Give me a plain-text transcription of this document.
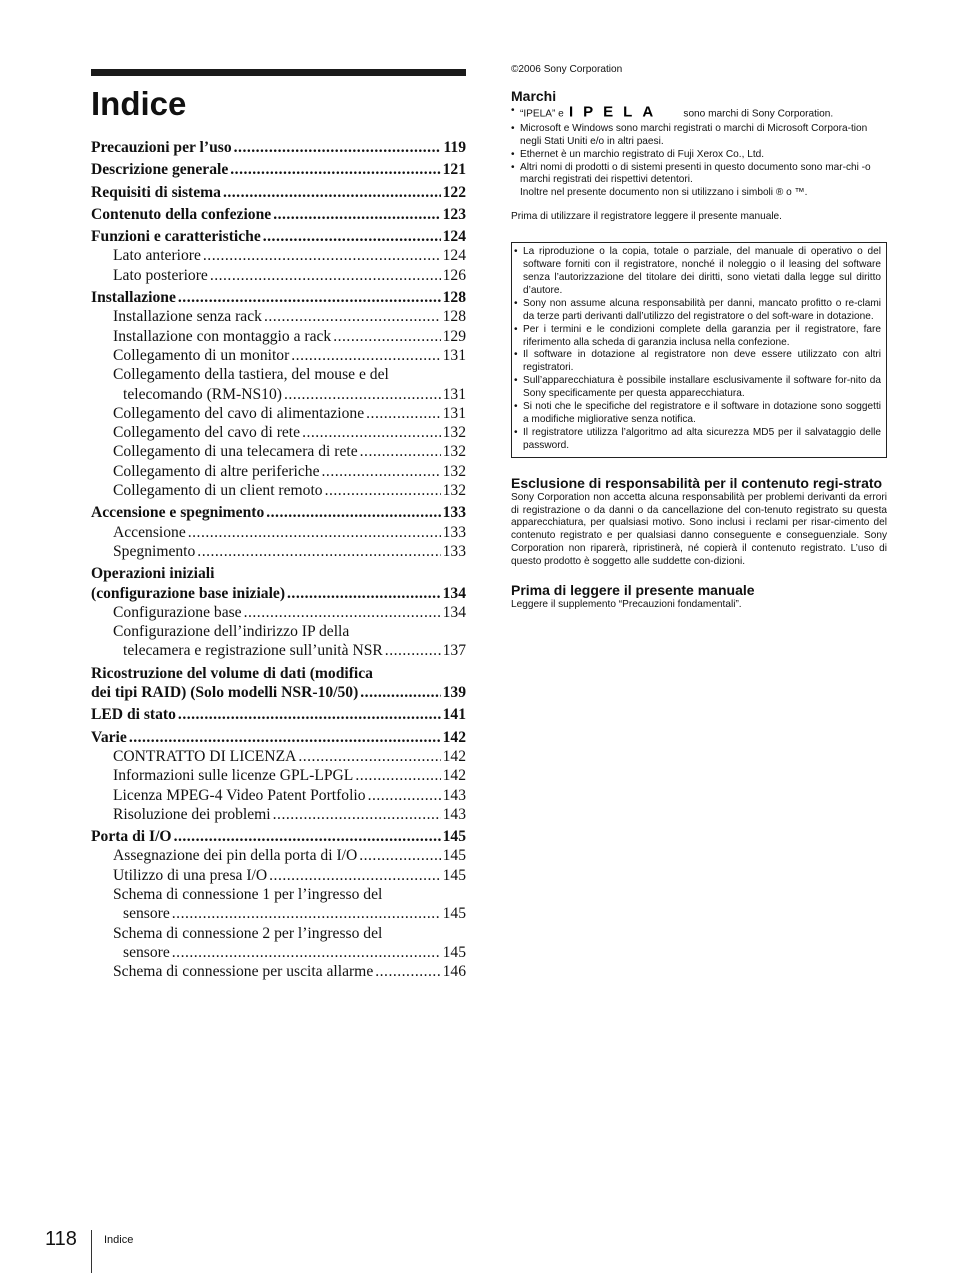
Indice
Precauzioni per l’uso .....	119
Descrizione generale .....	121
Requisiti di sistema .....	122
Contenuto della confezione .....	123
Funzioni e caratteristiche .....	124
Lato anteriore .....	124
Lato posteriore .....	126
Installazione .....	128
Installazione senza rack .....	128
Installazione con montaggio a rack .....	129
Collegamento di un monitor .....	131
Collegamento della tastiera, del mouse e del
telecomando (RM-NS10) .....	131
Collegamento del cavo di alimentazione .....	131
Collegamento del cavo di rete .....	132
Collegamento di una telecamera di rete .....	132
Collegamento di altre periferiche .....	132
Collegamento di un client remoto .....	132
Accensione e spegnimento .....	133
Accensione .....	133
Spegnimento .....	133
Operazioni iniziali
(configurazione base iniziale) .....	134
Configurazione base .....	134
Configurazione dell’indirizzo IP della
telecamera e registrazione sull’unità NSR .....	137
Ricostruzione del volume di dati (modifica
dei tipi RAID) (Solo modelli NSR-10/50) .....	139
LED di stato .....	141
Varie .....	142
CONTRATTO DI LICENZA .....	142
Informazioni sulle licenze GPL-LPGL .....	142
Licenza MPEG-4 Video Patent Portfolio .....	143
Risoluzione dei problemi .....	143
Porta di I/O .....	145
Assegnazione dei pin della porta di I/O .....	145
Utilizzo di una presa I/O .....	145
Schema di connessione 1 per l’ingresso del
sensore .....	145
Schema di connessione 2 per l’ingresso del
sensore .....	145
Schema di connessione per uscita allarme .....	146
©2006 Sony Corporation
Marchi
• “IPELA” e IPELA sono marchi di Sony Corporation.
• Microsoft e Windows sono marchi registrati o marchi di Microsoft Corpora-tion negli Stati Uniti e/o in altri paesi.
• Ethernet è un marchio registrato di Fuji Xerox Co., Ltd.
• Altri nomi di prodotti o di sistemi presenti in questo documento sono mar-chi -o marchi registrati dei rispettivi detentori.
Inoltre nel presente documento non si utilizzano i simboli ® o ™.
Prima di utilizzare il registratore leggere il presente manuale.
• La riproduzione o la copia, totale o parziale, del manuale di operativo o del software forniti con il registratore, nonché il noleggio o il leasing del software senza l’autorizzazione del titolare dei diritti, sono vietati dalla legge sul diritto d’autore.
• Sony non assume alcuna responsabilità per danni, mancato profitto o re-clami da terze parti derivanti dall’utilizzo del registratore o del soft-ware in dotazione.
• Per i termini e le condizioni complete della garanzia per il registratore, fare riferimento alla scheda di garanzia inclusa nella confezione.
• Il software in dotazione al registratore non deve essere utilizzato con altri registratori.
• Sull’apparecchiatura è possibile installare esclusivamente il software for-nito da Sony specificamente per questa apparecchiatura.
• Si noti che le specifiche del registratore e il software in dotazione sono soggetti a modifiche migliorative senza notifica.
• Il registratore utilizza l’algoritmo ad alta sicurezza MD5 per il salvataggio delle password.
Esclusione di responsabilità per il contenuto regi-strato
Sony Corporation non accetta alcuna responsabilità per problemi derivanti da errori di registrazione o da danni o da cancellazione del con-tenuto registrato su questa apparecchiatura, per qualsiasi motivo. Sono inclusi i reclami per risar-cimento del contenuto registrato e per qualsiasi danno conseguente e conseguenziale. Sony Corporation non riparerà, ripristinerà, né copierà il contenuto registrato. L’uso di questo prodotto è soggetto alle suddette con-dizioni.
Prima di leggere il presente manuale
Leggere il supplemento “Precauzioni fondamentali”.
118 Indice
